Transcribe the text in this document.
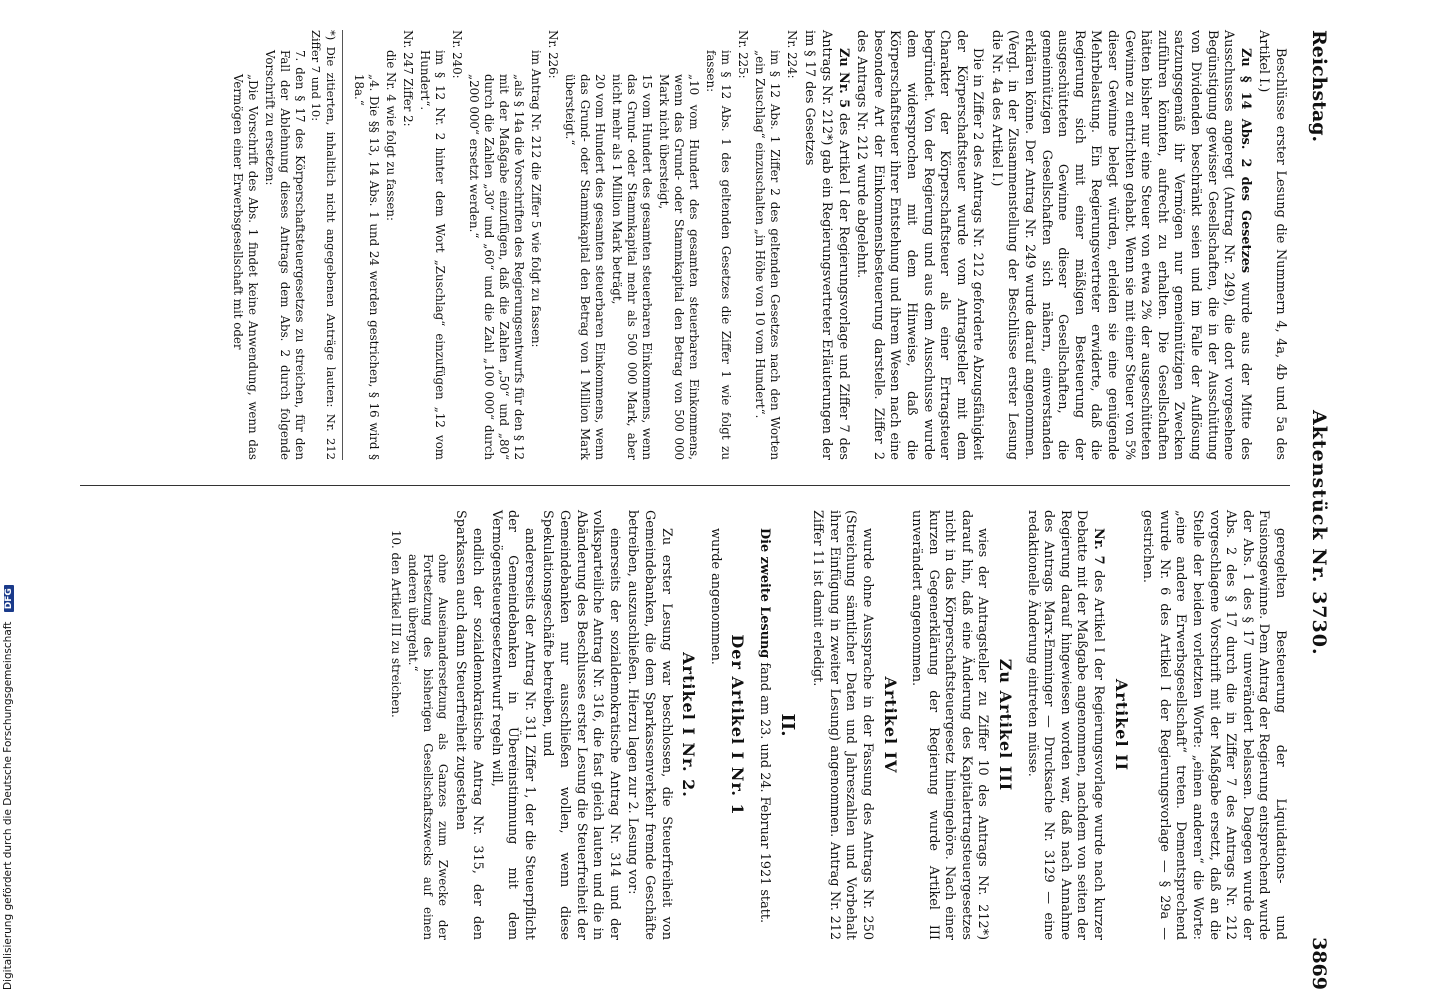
Reichstag.
Aktenstück Nr. 3730.
3869

Beschlüsse erster Lesung die Nummern 4, 4a, 4b und 5a des Artikel I.)

Zu § 14 Abs. 2 des Gesetzes wurde aus der Mitte des Ausschusses angeregt (Antrag Nr. 249), die dort vorgesehene Begünstigung gewisser Gesellschaften, die in der Ausschüttung von Dividenden beschränkt seien und im Falle der Auflösung satzungsgemäß ihr Vermögen nur gemeinnützigen Zwecken zuführen könnten, aufrecht zu erhalten. Die Gesellschaften hätten bisher nur eine Steuer von etwa 2% der ausgeschütteten Gewinne zu entrichten gehabt. Wenn sie mit einer Steuer von 5% dieser Gewinne belegt würden, erleiden sie eine genügende Mehrbelastung. Ein Regierungsvertreter erwiderte, daß die Regierung sich mit einer mäßigen Besteuerung der ausgeschütteten Gewinne dieser Gesellschaften, die gemeinnützigen Gesellschaften sich nähern, einverstanden erklären könne. Der Antrag Nr. 249 wurde darauf angenommen. (Vergl. in der Zusammenstellung der Beschlüsse erster Lesung die Nr. 4a des Artikel I.)

Die in Ziffer 2 des Antrags Nr. 212 geforderte Abzugsfähigkeit der Körperschaftsteuer wurde vom Antragsteller mit dem Charakter der Körperschaftsteuer als einer Ertragsteuer begründet. Von der Regierung und aus dem Ausschusse wurde dem widersprochen mit dem Hinweise, daß die Körperschaftsteuer ihrer Entstehung und ihrem Wesen nach eine besondere Art der Einkommensbesteuerung darstelle. Ziffer 2 des Antrags Nr. 212 wurde abgelehnt.

Zu Nr. 5 des Artikel I der Regierungsvorlage und Ziffer 7 des Antrags Nr. 212*) gab ein Regierungsvertreter Erläuterungen der im § 17 des Gesetzes

Nr. 224:

im § 12 Abs. 1 Ziffer 2 des geltenden Gesetzes nach den Worten „ein Zuschlag“ einzuschalten „in Höhe von 10 vom Hundert“.

Nr. 225:

im § 12 Abs. 1 des geltenden Gesetzes die Ziffer 1 wie folgt zu fassen:

„10 vom Hundert des gesamten steuerbaren Einkommens, wenn das Grund- oder Stammkapital den Betrag von 500 000 Mark nicht übersteigt,

15 vom Hundert des gesamten steuerbaren Einkommens, wenn das Grund- oder Stammkapital mehr als 500 000 Mark, aber nicht mehr als 1 Million Mark beträgt,

20 vom Hundert des gesamten steuerbaren Einkommens, wenn das Grund- oder Stammkapital den Betrag von 1 Million Mark übersteigt.“

Nr. 226:

im Antrag Nr. 212 die Ziffer 5 wie folgt zu fassen:

„als § 14a die Vorschriften des Regierungsentwurfs für den § 12 mit der Maßgabe einzufügen, daß die Zahlen „50“ und „80“ durch die Zahlen „30“ und „60“ und die Zahl „100 000“ durch „200 000“ ersetzt werden.“

Nr. 240:

im § 12 Nr. 2 hinter dem Wort „Zuschlag“ einzufügen „12 vom Hundert“.

Nr. 247 Ziffer 2:

die Nr. 4 wie folgt zu fassen:

„4. Die §§ 13, 14 Abs. 1 und 24 werden gestrichen, § 16 wird § 18a.“

*) Die zitierten, inhaltlich nicht angegebenen Anträge lauten: Nr. 212 Ziffer 7 und 10:

7. den § 17 des Körperschaftsteuergesetzes zu streichen, für den Fall der Ablehnung dieses Antrags dem Abs. 2 durch folgende Vorschrift zu ersetzen:

„Die Vorschrift des Abs. 1 findet keine Anwendung, wenn das Vermögen einer Erwerbsgesellschaft mit oder

geregelten Besteuerung der Liquidations- und Fusionsgewinne. Dem Antrag der Regierung entsprechend wurde der Abs. 1 des § 17 unverändert belassen. Dagegen wurde der Abs. 2 des § 17 durch die in Ziffer 7 des Antrags Nr. 212 vorgeschlagene Vorschrift mit der Maßgabe ersetzt, daß an die Stelle der beiden vorletzten Worte: „einen anderen“ die Worte: „eine andere Erwerbsgesellschaft“ treten. Dementsprechend wurde Nr. 6 des Artikel I der Regierungsvorlage — § 29a — gestrichen.

Artikel II

Nr. 7 des Artikel I der Regierungsvorlage wurde nach kurzer Debatte mit der Maßgabe angenommen, nachdem von seiten der Regierung darauf hingewiesen worden war, daß nach Annahme des Antrags Marx-Emminger — Drucksache Nr. 3129 — eine redaktionelle Änderung eintreten müsse.

Zu Artikel III

wies der Antragsteller zu Ziffer 10 des Antrags Nr. 212*) darauf hin, daß eine Änderung des Kapitalertragsteuergesetzes nicht in das Körperschaftsteuergesetz hineingehöre. Nach einer kurzen Gegenerklärung der Regierung wurde Artikel III unverändert angenommen.

Artikel IV

wurde ohne Aussprache in der Fassung des Antrags Nr. 250 (Streichung sämtlicher Daten und Jahreszahlen und Vorbehalt ihrer Einfügung in zweiter Lesung) angenommen. Antrag Nr. 212 Ziffer 11 ist damit erledigt.

II.

Die zweite Lesung fand am 23. und 24. Februar 1921 statt.

Der Artikel I Nr. 1

wurde angenommen.

Artikel I Nr. 2.

Zu erster Lesung war beschlossen, die Steuerfreiheit von Gemeindebanken, die dem Sparkassenverkehr fremde Geschäfte betreiben, auszuschließen. Hierzu lagen zur 2. Lesung vor:

einerseits der sozialdemokratische Antrag Nr. 314 und der volksparteiliche Antrag Nr. 316, die fast gleich lauten und die in Abänderung des Beschlusses erster Lesung die Steuerfreiheit der Gemeindebanken nur ausschließen wollen, wenn diese Spekulationsgeschäfte betreiben, und

andererseits der Antrag Nr. 311 Ziffer 1, der die Steuerpflicht der Gemeindebanken in Übereinstimmung mit dem Vermögensteuergesetzentwurf regeln will,

endlich der sozialdemokratische Antrag Nr. 315, der den Sparkassen auch dann Steuerfreiheit zugestehen

ohne Auseinandersetzung als Ganzes zum Zwecke der Fortsetzung des bisherigen Gesellschaftszwecks auf einen anderen übergeht.“

10. den Artikel III zu streichen.

Digitalisierung gefördert durch die Deutsche Forschungsgemeinschaft DFG
